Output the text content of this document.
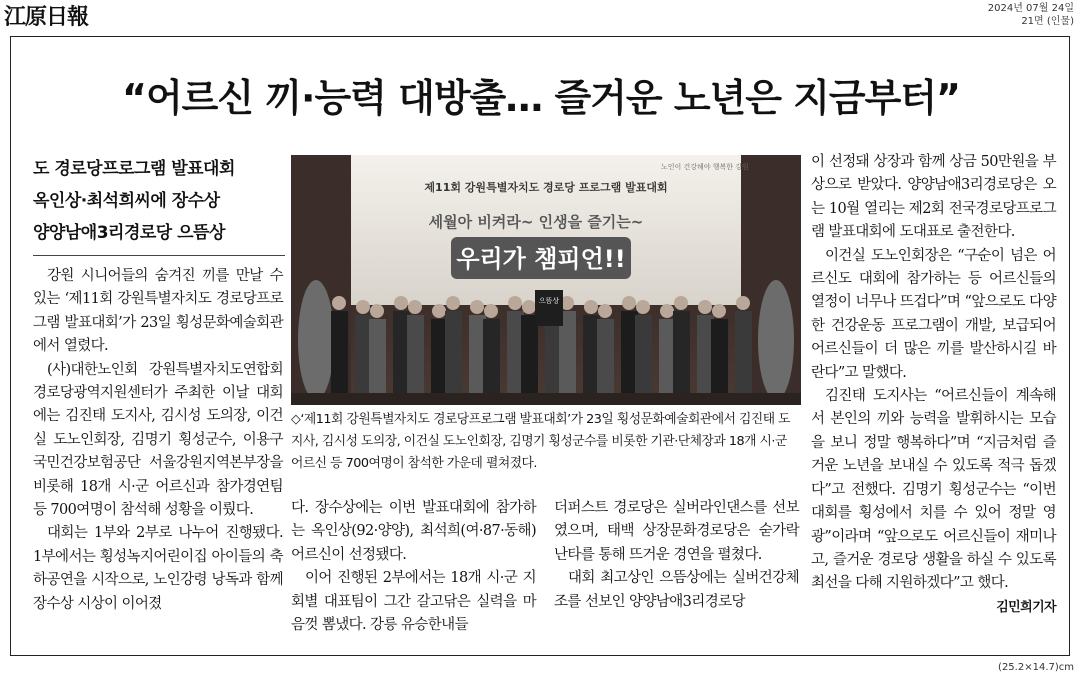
江原日報	2024년 07월 24일
21면 (인물)
“어르신 끼·능력 대방출… 즐거운 노년은 지금부터”
도 경로당프로그램 발표대회
옥인상·최석희씨에 장수상
양양남애3리경로당 으뜸상

강원 시니어들의 숨겨진 끼를 만날 수 있는 ‘제11회 강원특별자치도 경로당프로그램 발표대회’가 23일 횡성문화예술회관에서 열렸다.

(사)대한노인회 강원특별자치도연합회 경로당광역지원센터가 주최한 이날 대회에는 김진태 도지사, 김시성 도의장, 이건실 도노인회장, 김명기 횡성군수, 이용구 국민건강보험공단 서울강원지역본부장을 비롯해 18개 시·군 어르신과 참가경연팀 등 700여명이 참석해 성황을 이뤘다.

대회는 1부와 2부로 나누어 진행됐다. 1부에서는 횡성녹지어린이집 아이들의 축하공연을 시작으로, 노인강령 낭독과 함께 장수상 시상이 이어졌

노인이 건강해야 행복한 강원
제11회 강원특별자치도 경로당 프로그램 발표대회
세월아 비켜라~ 인생을 즐기는~
우리가 챔피언!!
으뜸상
◇‘제11회 강원특별자치도 경로당프로그램 발표대회’가 23일 횡성문화예술회관에서 김진태 도지사, 김시성 도의장, 이건실 도노인회장, 김명기 횡성군수를 비롯한 기관·단체장과 18개 시·군 어르신 등 700여명이 참석한 가운데 펼쳐졌다.

다. 장수상에는 이번 발표대회에 참가하는 옥인상(92·양양), 최석희(여·87·동해) 어르신이 선정됐다.

이어 진행된 2부에서는 18개 시·군 지회별 대표팀이 그간 갈고닦은 실력을 마음껏 뽐냈다. 강릉 유승한내들

더퍼스트 경로당은 실버라인댄스를 선보였으며, 태백 상장문화경로당은 숟가락 난타를 통해 뜨거운 경연을 펼쳤다.

대회 최고상인 으뜸상에는 실버건강체조를 선보인 양양남애3리경로당

이 선정돼 상장과 함께 상금 50만원을 부상으로 받았다. 양양남애3리경로당은 오는 10월 열리는 제2회 전국경로당프로그램 발표대회에 도대표로 출전한다.

이건실 도노인회장은 “구순이 넘은 어르신도 대회에 참가하는 등 어르신들의 열정이 너무나 뜨겁다”며 “앞으로도 다양한 건강운동 프로그램이 개발, 보급되어 어르신들이 더 많은 끼를 발산하시길 바란다”고 말했다.

김진태 도지사는 “어르신들이 계속해서 본인의 끼와 능력을 발휘하시는 모습을 보니 정말 행복하다”며 “지금처럼 즐거운 노년을 보내실 수 있도록 적극 돕겠다”고 전했다. 김명기 횡성군수는 “이번 대회를 횡성에서 치를 수 있어 정말 영광”이라며 “앞으로도 어르신들이 재미나고, 즐거운 경로당 생활을 하실 수 있도록 최선을 다해 지원하겠다”고 했다.
김민희기자

(25.2×14.7)cm
